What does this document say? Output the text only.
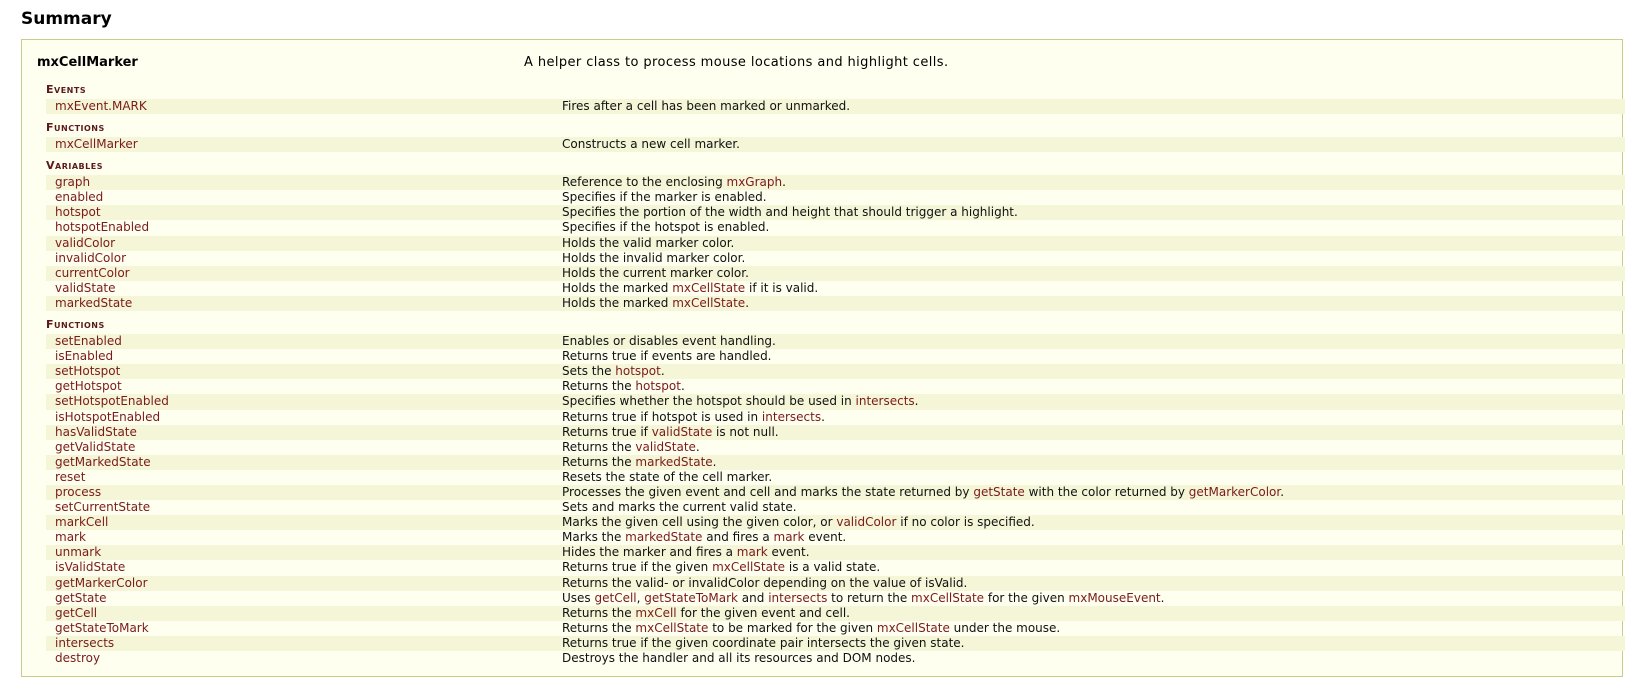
Summary
mxCellMarker	A helper class to process mouse locations and highlight cells.
Events
mxEvent.MARK	Fires after a cell has been marked or unmarked.
Functions
mxCellMarker	Constructs a new cell marker.
Variables
graph	Reference to the enclosing mxGraph.
enabled	Specifies if the marker is enabled.
hotspot	Specifies the portion of the width and height that should trigger a highlight.
hotspotEnabled	Specifies if the hotspot is enabled.
validColor	Holds the valid marker color.
invalidColor	Holds the invalid marker color.
currentColor	Holds the current marker color.
validState	Holds the marked mxCellState if it is valid.
markedState	Holds the marked mxCellState.
Functions
setEnabled	Enables or disables event handling.
isEnabled	Returns true if events are handled.
setHotspot	Sets the hotspot.
getHotspot	Returns the hotspot.
setHotspotEnabled	Specifies whether the hotspot should be used in intersects.
isHotspotEnabled	Returns true if hotspot is used in intersects.
hasValidState	Returns true if validState is not null.
getValidState	Returns the validState.
getMarkedState	Returns the markedState.
reset	Resets the state of the cell marker.
process	Processes the given event and cell and marks the state returned by getState with the color returned by getMarkerColor.
setCurrentState	Sets and marks the current valid state.
markCell	Marks the given cell using the given color, or validColor if no color is specified.
mark	Marks the markedState and fires a mark event.
unmark	Hides the marker and fires a mark event.
isValidState	Returns true if the given mxCellState is a valid state.
getMarkerColor	Returns the valid- or invalidColor depending on the value of isValid.
getState	Uses getCell, getStateToMark and intersects to return the mxCellState for the given mxMouseEvent.
getCell	Returns the mxCell for the given event and cell.
getStateToMark	Returns the mxCellState to be marked for the given mxCellState under the mouse.
intersects	Returns true if the given coordinate pair intersects the given state.
destroy	Destroys the handler and all its resources and DOM nodes.
